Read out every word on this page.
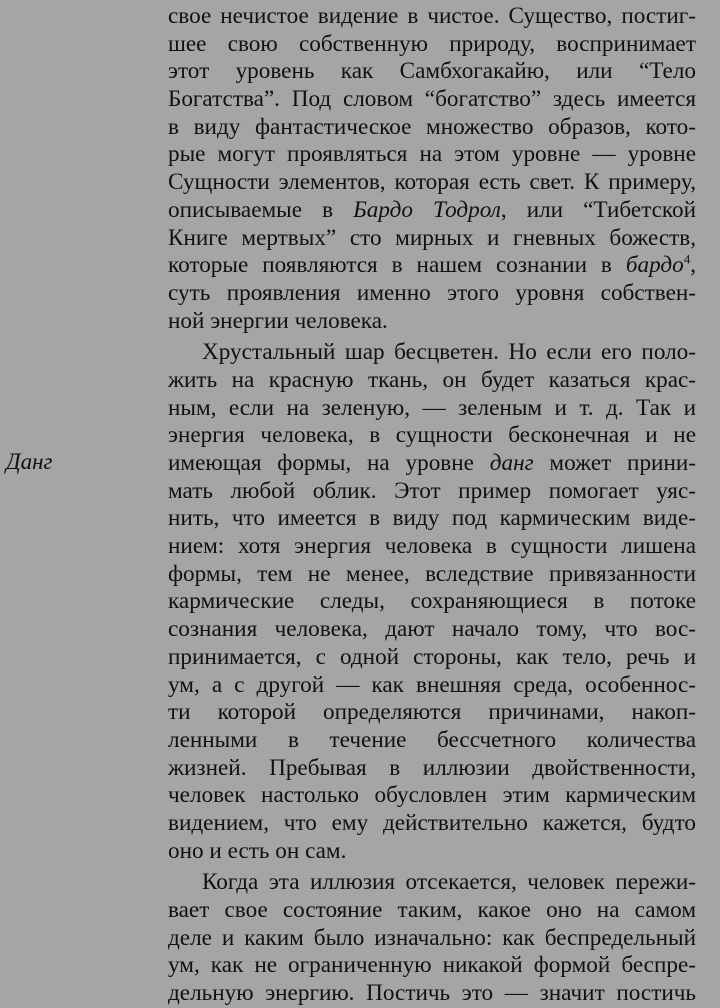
Данг
свое нечистое видение в чистое. Существо, постиг-
шее свою собственную природу, воспринимает
этот уровень как Самбхогакайю, или “Тело
Богатства”. Под словом “богатство” здесь имеется
в виду фантастическое множество образов, кото-
рые могут проявляться на этом уровне — уровне
Сущности элементов, которая есть свет. К примеру,
описываемые в Бардо Тодрол, или “Тибетской
Книге мертвых” сто мирных и гневных божеств,
которые появляются в нашем сознании в бардо$^4$,
суть проявления именно этого уровня собствен-
ной энергии человека.
Хрустальный шар бесцветен. Но если его поло-
жить на красную ткань, он будет казаться крас-
ным, если на зеленую, — зеленым и т. д. Так и
энергия человека, в сущности бесконечная и не
имеющая формы, на уровне данг может прини-
мать любой облик. Этот пример помогает уяс-
нить, что имеется в виду под кармическим виде-
нием: хотя энергия человека в сущности лишена
формы, тем не менее, вследствие привязанности
кармические следы, сохраняющиеся в потоке
сознания человека, дают начало тому, что вос-
принимается, с одной стороны, как тело, речь и
ум, а с другой — как внешняя среда, особеннос-
ти которой определяются причинами, накоп-
ленными в течение бессчетного количества
жизней. Пребывая в иллюзии двойственности,
человек настолько обусловлен этим кармическим
видением, что ему действительно кажется, будто
оно и есть он сам.
Когда эта иллюзия отсекается, человек пережи-
вает свое состояние таким, какое оно на самом
деле и каким было изначально: как беспредельный
ум, как не ограниченную никакой формой беспре-
дельную энергию. Постичь это — значит постичь
